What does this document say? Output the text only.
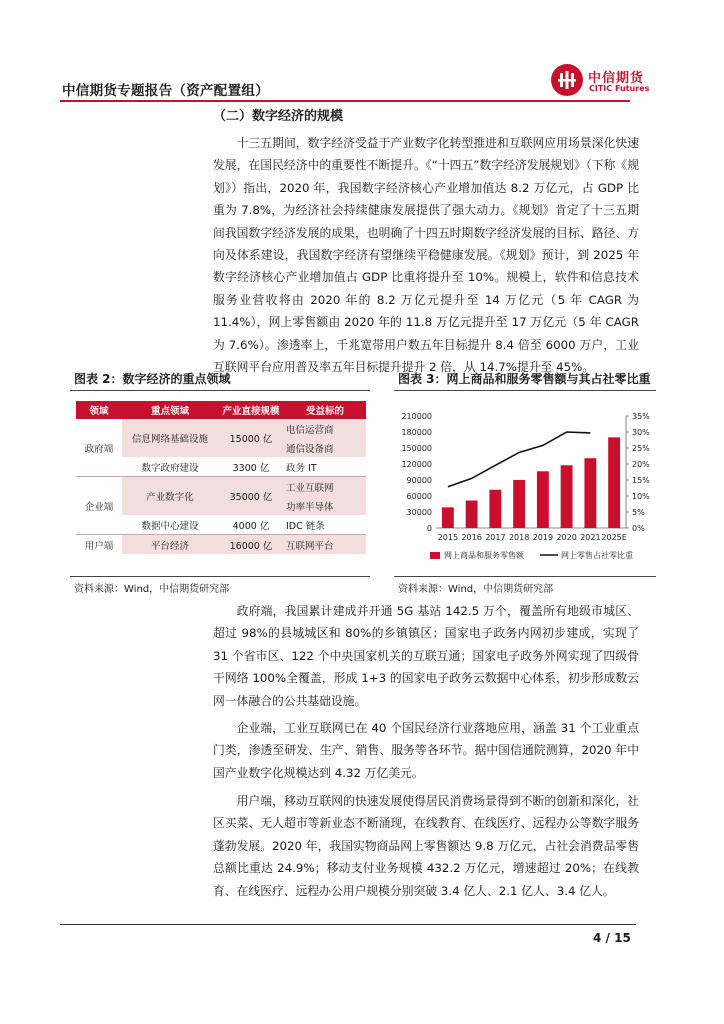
中信期货专题报告（资产配置组）
中信期货
CITIC Futures
（二）数字经济的规模

十三五期间，数字经济受益于产业数字化转型推进和互联网应用场景深化快速发展，在国民经济中的重要性不断提升。《“十四五”数字经济发展规划》（下称《规划》）指出，2020 年，我国数字经济核心产业增加值达 8.2 万亿元，占 GDP 比重为 7.8%，为经济社会持续健康发展提供了强大动力。《规划》肯定了十三五期间我国数字经济发展的成果，也明确了十四五时期数字经济发展的目标、路径、方向及体系建设，我国数字经济有望继续平稳健康发展。《规划》预计，到 2025 年数字经济核心产业增加值占 GDP 比重将提升至 10%。规模上，软件和信息技术服务业营收将由 2020 年的 8.2 万亿元提升至 14 万亿元（5 年 CAGR 为 11.4%），网上零售额由 2020 年的 11.8 万亿元提升至 17 万亿元（5 年 CAGR 为 7.6%）。渗透率上，千兆宽带用户数五年目标提升 8.4 倍至 6000 万户，工业互联网平台应用普及率五年目标提升提升 2 倍，从 14.7%提升至 45%。

图表 2：数字经济的重点领域
领域	重点领域	产业直接规模	受益标的
政府端	信息网络基础设施	15000 亿	电信运营商
			通信设备商
	数字政府建设	3300 亿	政务 IT
企业端	产业数字化	35000 亿	工业互联网
			功率半导体
	数据中心建设	4000 亿	IDC 链条
用户端	平台经济	16000 亿	互联网平台
资料来源：Wind，中信期货研究部
图表 3：网上商品和服务零售额与其占社零比重
210000
180000
150000
120000
90000
60000
30000
0
35%
30%
25%
20%
15%
10%
5%
0%
2015 2016 2017 2018 2019 2020 2021 2025E
网上商品和服务零售额	网上零售占社零比重
资料来源：Wind，中信期货研究部

政府端，我国累计建成并开通 5G 基站 142.5 万个，覆盖所有地级市城区、超过 98%的县城城区和 80%的乡镇镇区；国家电子政务内网初步建成，实现了 31 个省市区、122 个中央国家机关的互联互通；国家电子政务外网实现了四级骨干网络 100%全覆盖，形成 1+3 的国家电子政务云数据中心体系，初步形成数云网一体融合的公共基础设施。

企业端，工业互联网已在 40 个国民经济行业落地应用，涵盖 31 个工业重点门类，渗透至研发、生产、销售、服务等各环节。据中国信通院测算，2020 年中国产业数字化规模达到 4.32 万亿美元。

用户端，移动互联网的快速发展使得居民消费场景得到不断的创新和深化，社区买菜、无人超市等新业态不断涌现，在线教育、在线医疗、远程办公等数字服务蓬勃发展。2020 年，我国实物商品网上零售额达 9.8 万亿元，占社会消费品零售总额比重达 24.9%；移动支付业务规模 432.2 万亿元，增速超过 20%；在线教育、在线医疗、远程办公用户规模分别突破 3.4 亿人、2.1 亿人、3.4 亿人。

4 / 15
